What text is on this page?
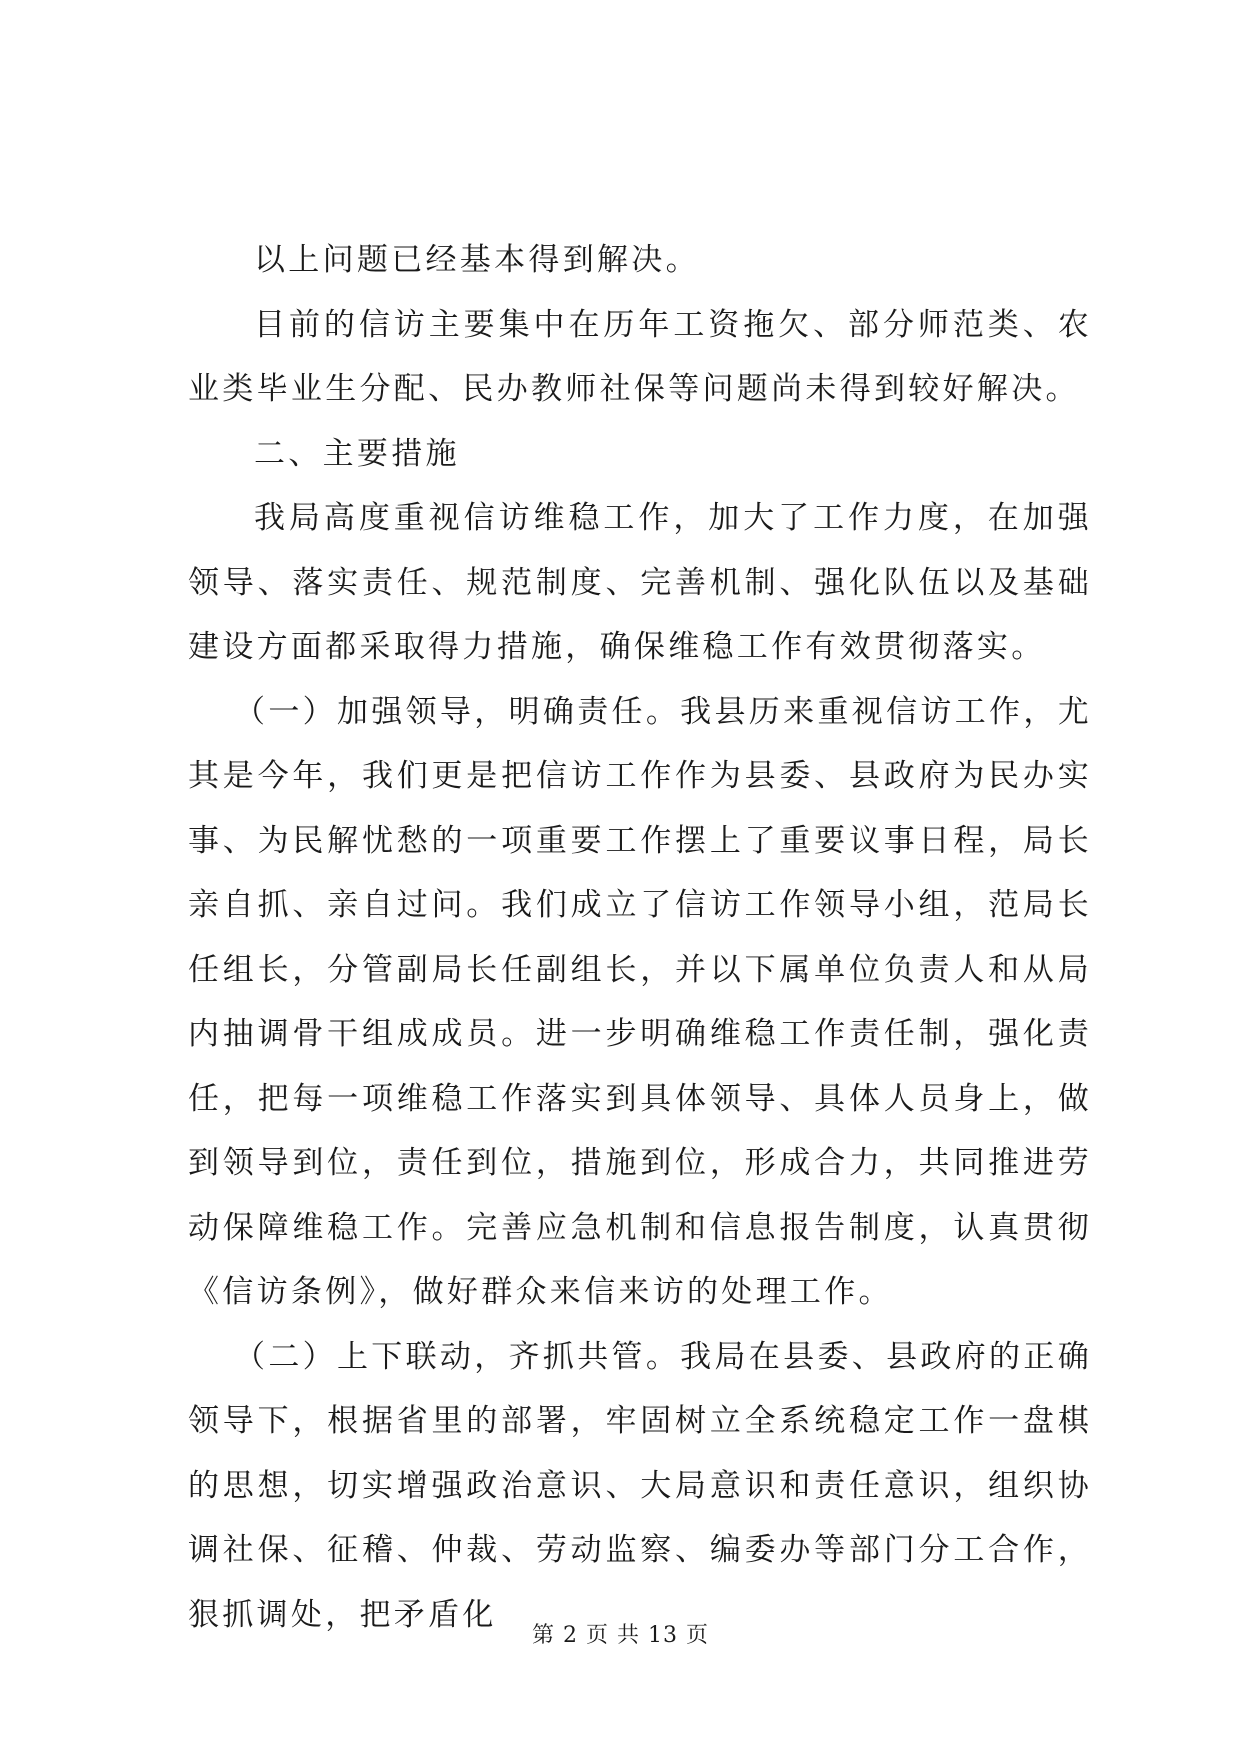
以上问题已经基本得到解决。

目前的信访主要集中在历年工资拖欠、部分师范类、农业类毕业生分配、民办教师社保等问题尚未得到较好解决。

二、主要措施

我局高度重视信访维稳工作，加大了工作力度，在加强领导、落实责任、规范制度、完善机制、强化队伍以及基础建设方面都采取得力措施，确保维稳工作有效贯彻落实。

（一）加强领导，明确责任。我县历来重视信访工作，尤其是今年，我们更是把信访工作作为县委、县政府为民办实事、为民解忧愁的一项重要工作摆上了重要议事日程，局长亲自抓、亲自过问。我们成立了信访工作领导小组，范局长任组长，分管副局长任副组长，并以下属单位负责人和从局内抽调骨干组成成员。进一步明确维稳工作责任制，强化责任，把每一项维稳工作落实到具体领导、具体人员身上，做到领导到位，责任到位，措施到位，形成合力，共同推进劳动保障维稳工作。完善应急机制和信息报告制度，认真贯彻《信访条例》，做好群众来信来访的处理工作。

（二）上下联动，齐抓共管。我局在县委、县政府的正确领导下，根据省里的部署，牢固树立全系统稳定工作一盘棋的思想，切实增强政治意识、大局意识和责任意识，组织协调社保、征稽、仲裁、劳动监察、编委办等部门分工合作，狠抓调处，把矛盾化

第 2 页 共 13 页
